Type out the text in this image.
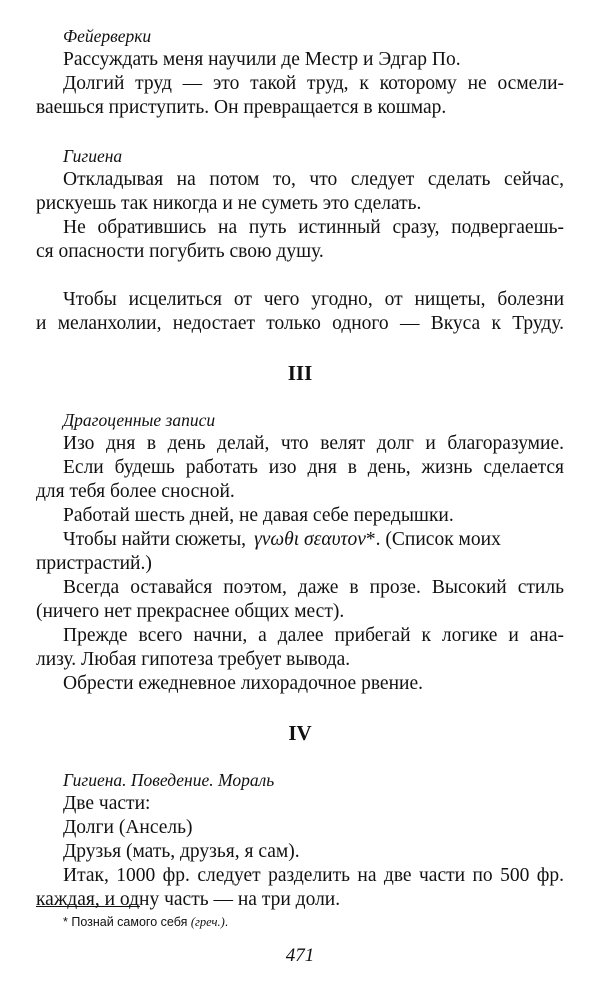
Фейерверки
Рассуждать меня научили де Местр и Эдгар По.
Долгий труд — это такой труд, к которому не осмели-
ваешься приступить. Он превращается в кошмар.
Гигиена
Откладывая на потом то, что следует сделать сейчас,
рискуешь так никогда и не суметь это сделать.
Не обратившись на путь истинный сразу, подвергаешь-
ся опасности погубить свою душу.
Чтобы исцелиться от чего угодно, от нищеты, болезни
и меланхолии, недостает только одного — Вкуса к Труду.
III
Драгоценные записи
Изо дня в день делай, что велят долг и благоразумие.
Если будешь работать изо дня в день, жизнь сделается
для тебя более сносной.
Работай шесть дней, не давая себе передышки.
Чтобы найти сюжеты, γνωθι σεαυτον*. (Список моих
пристрастий.)
Всегда оставайся поэтом, даже в прозе. Высокий стиль
(ничего нет прекраснее общих мест).
Прежде всего начни, а далее прибегай к логике и ана-
лизу. Любая гипотеза требует вывода.
Обрести ежедневное лихорадочное рвение.
IV
Гигиена. Поведение. Мораль
Две части:
Долги (Ансель)
Друзья (мать, друзья, я сам).
Итак, 1000 фр. следует разделить на две части по 500 фр.
каждая, и одну часть — на три доли.
* Познай самого себя (греч.).
471
